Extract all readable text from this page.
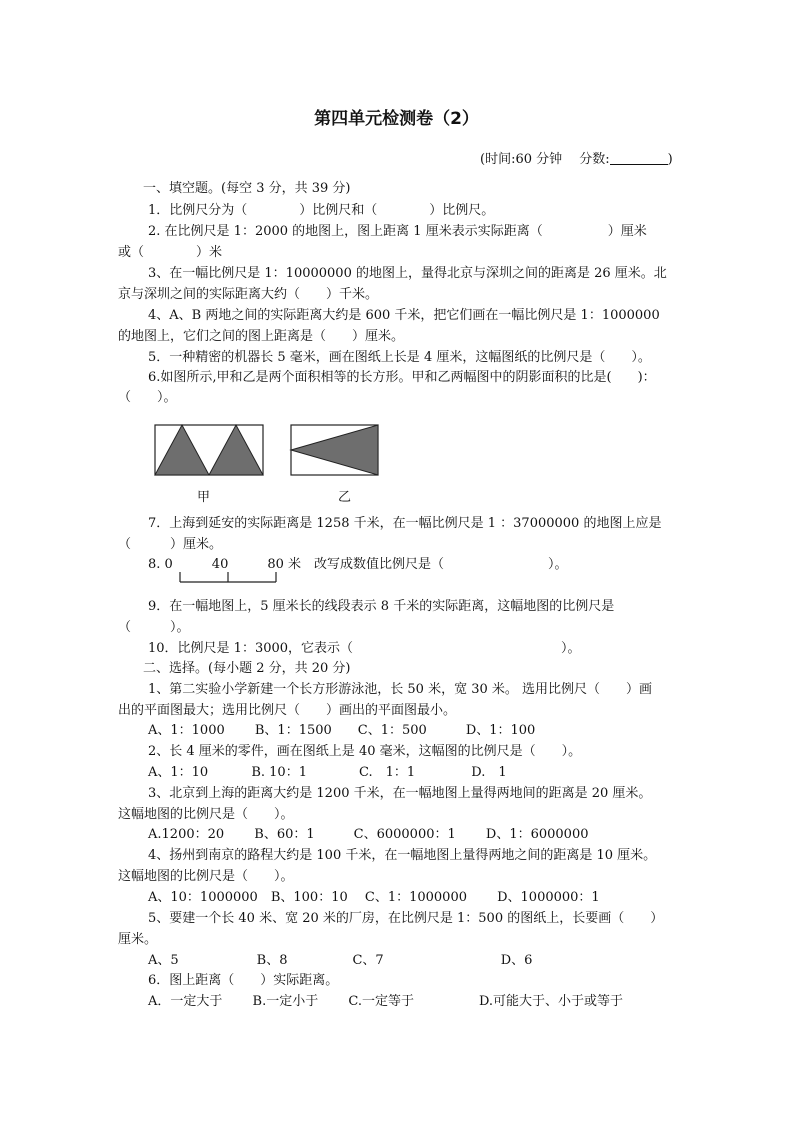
第四单元检测卷（2）
(时间:60 分钟　 分数:	)
一、填空题。(每空 3 分，共 39 分)
1．比例尺分为（　　　　）比例尺和（　　　　）比例尺。
2. 在比例尺是 1：2000 的地图上，图上距离 1 厘米表示实际距离（　　　　　）厘米
或（　　　　）米
3、在一幅比例尺是 1：10000000 的地图上，量得北京与深圳之间的距离是 26 厘米。北
京与深圳之间的实际距离大约（　　）千米。
4、A、B 两地之间的实际距离大约是 600 千米，把它们画在一幅比例尺是 1：1000000
的地图上，它们之间的图上距离是（　　）厘米。
5．一种精密的机器长 5 毫米，画在图纸上长是 4 厘米，这幅图纸的比例尺是（　　）。
6.如图所示,甲和乙是两个面积相等的长方形。甲和乙两幅图中的阴影面积的比是(　　)：
（　　）。
甲	乙
7．上海到延安的实际距离是 1258 千米，在一幅比例尺是 1 ：37000000 的地图上应是
（　　　）厘米。
8. 0　　　40　　　80 米　改写成数值比例尺是（　　　　　　　　）。
9．在一幅地图上，5 厘米长的线段表示 8 千米的实际距离，这幅地图的比例尺是
（　　　）。
10．比例尺是 1：3000，它表示（　　　　　　　　　　　　　　　　）。
二、选择。(每小题 2 分，共 20 分)
1、第二实验小学新建一个长方形游泳池，长 50 米，宽 30 米。 选用比例尺（　　）画
出的平面图最大；选用比例尺（　　）画出的平面图最小。
A、1：1000　　 B、1：1500　　C、1：500　　　D、1：100
2、长 4 厘米的零件，画在图纸上是 40 毫米，这幅图的比例尺是（　　）。
A、1：10　　　 B. 10：1　　　　C.　1：1　　　　 D.　1
3、北京到上海的距离大约是 1200 千米，在一幅地图上量得两地间的距离是 20 厘米。
这幅地图的比例尺是（　　）。
A.1200：20　　 B、60：1　　　C、6000000：1　　 D、1：6000000
4、扬州到南京的路程大约是 100 千米，在一幅地图上量得两地之间的距离是 10 厘米。
这幅地图的比例尺是（　　）。
A、10：1000000　B、100：10　 C、1：1000000　　 D、1000000：1
5、要建一个长 40 米、宽 20 米的厂房，在比例尺是 1：500 的图纸上，长要画（　　）
厘米。
A、5　　　　　　B、8　　　　　C、7　　　　　　　　　D、6
6．图上距离（　　）实际距离。
A．一定大于　　 B.一定小于　　 C.一定等于　　　　　D.可能大于、小于或等于
